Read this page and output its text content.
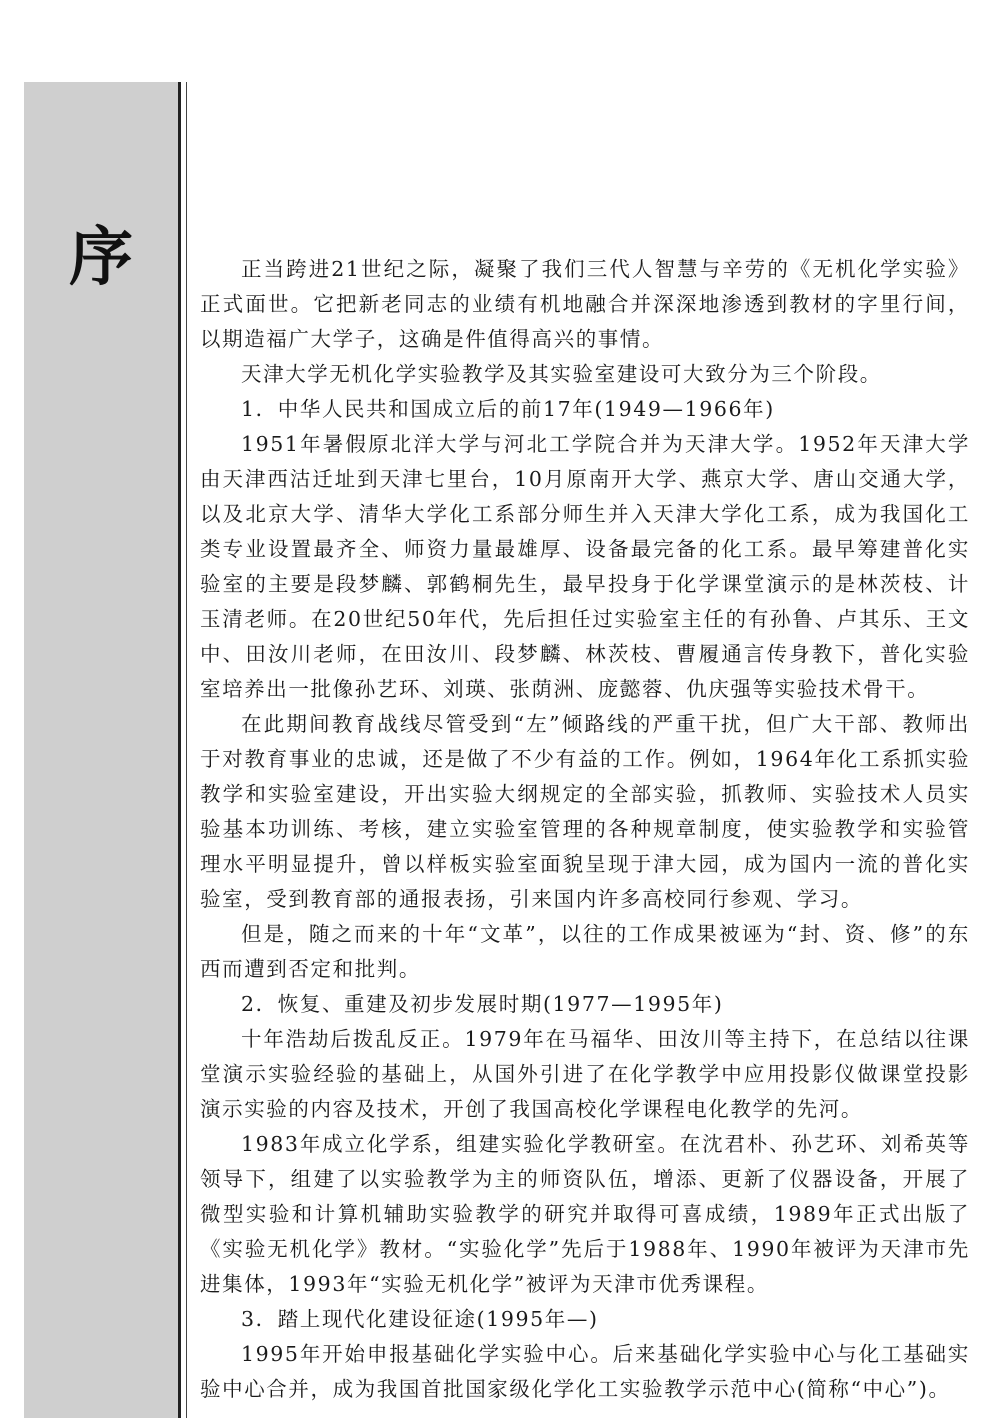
序	正当跨进21世纪之际，凝聚了我们三代人智慧与辛劳的《无机化学实验》正式面世。它把新老同志的业绩有机地融合并深深地渗透到教材的字里行间，以期造福广大学子，这确是件值得高兴的事情。

天津大学无机化学实验教学及其实验室建设可大致分为三个阶段。

1．中华人民共和国成立后的前17年(1949—1966年)

1951年暑假原北洋大学与河北工学院合并为天津大学。1952年天津大学由天津西沽迁址到天津七里台，10月原南开大学、燕京大学、唐山交通大学，以及北京大学、清华大学化工系部分师生并入天津大学化工系，成为我国化工类专业设置最齐全、师资力量最雄厚、设备最完备的化工系。最早筹建普化实验室的主要是段梦麟、郭鹤桐先生，最早投身于化学课堂演示的是林茨枝、计玉清老师。在20世纪50年代，先后担任过实验室主任的有孙鲁、卢其乐、王文中、田汝川老师，在田汝川、段梦麟、林茨枝、曹履通言传身教下，普化实验室培养出一批像孙艺环、刘瑛、张荫洲、庞懿蓉、仇庆强等实验技术骨干。

在此期间教育战线尽管受到“左”倾路线的严重干扰，但广大干部、教师出于对教育事业的忠诚，还是做了不少有益的工作。例如，1964年化工系抓实验教学和实验室建设，开出实验大纲规定的全部实验，抓教师、实验技术人员实验基本功训练、考核，建立实验室管理的各种规章制度，使实验教学和实验管理水平明显提升，曾以样板实验室面貌呈现于津大园，成为国内一流的普化实验室，受到教育部的通报表扬，引来国内许多高校同行参观、学习。

但是，随之而来的十年“文革”，以往的工作成果被诬为“封、资、修”的东西而遭到否定和批判。

2．恢复、重建及初步发展时期(1977—1995年)

十年浩劫后拨乱反正。1979年在马福华、田汝川等主持下，在总结以往课堂演示实验经验的基础上，从国外引进了在化学教学中应用投影仪做课堂投影演示实验的内容及技术，开创了我国高校化学课程电化教学的先河。

1983年成立化学系，组建实验化学教研室。在沈君朴、孙艺环、刘希英等领导下，组建了以实验教学为主的师资队伍，增添、更新了仪器设备，开展了微型实验和计算机辅助实验教学的研究并取得可喜成绩，1989年正式出版了《实验无机化学》教材。“实验化学”先后于1988年、1990年被评为天津市先进集体，1993年“实验无机化学”被评为天津市优秀课程。

3．踏上现代化建设征途(1995年—)

1995年开始申报基础化学实验中心。后来基础化学实验中心与化工基础实验中心合并，成为我国首批国家级化学化工实验教学示范中心(简称“中心”)。
